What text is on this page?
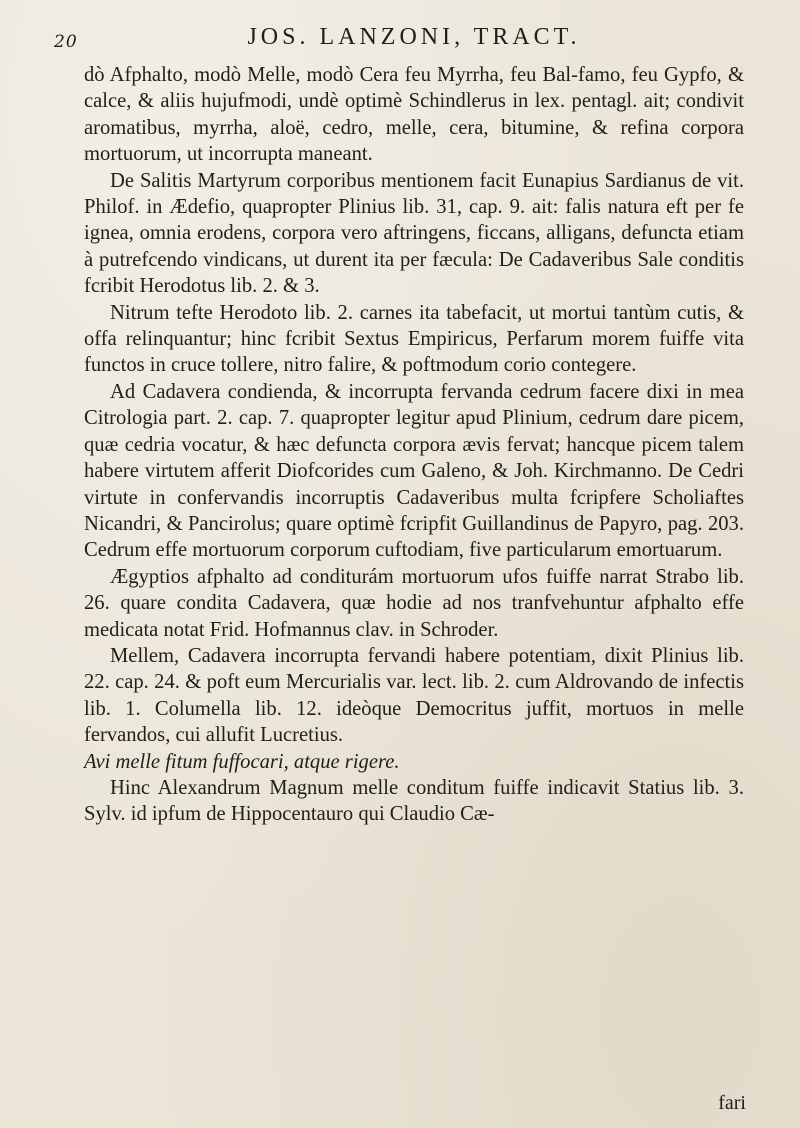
20	JOS. LANZONI, TRACT.

dò Afphalto, modò Melle, modò Cera feu Myrrha, feu Bal-famo, feu Gypfo, & calce, & aliis hujufmodi, undè optimè Schindlerus in lex. pentagl. ait; condivit aromatibus, myrrha, aloë, cedro, melle, cera, bitumine, & refina corpora mortuorum, ut incorrupta maneant.

De Salitis Martyrum corporibus mentionem facit Eunapius Sardianus de vit. Philof. in Ædefio, quapropter Plinius lib. 31, cap. 9. ait: falis natura eft per fe ignea, omnia erodens, corpora vero aftringens, ficcans, alligans, defuncta etiam à putrefcendo vindicans, ut durent ita per fæcula: De Cadaveribus Sale conditis fcribit Herodotus lib. 2. & 3.

Nitrum tefte Herodoto lib. 2. carnes ita tabefacit, ut mortui tantùm cutis, & offa relinquantur; hinc fcribit Sextus Empiricus, Perfarum morem fuiffe vita functos in cruce tollere, nitro falire, & poftmodum corio contegere.

Ad Cadavera condienda, & incorrupta fervanda cedrum facere dixi in mea Citrologia part. 2. cap. 7. quapropter legitur apud Plinium, cedrum dare picem, quæ cedria vocatur, & hæc defuncta corpora ævis fervat; hancque picem talem habere virtutem afferit Diofcorides cum Galeno, & Joh. Kirchmanno. De Cedri virtute in confervandis incorruptis Cadaveribus multa fcripfere Scholiaftes Nicandri, & Pancirolus; quare optimè fcripfit Guillandinus de Papyro, pag. 203. Cedrum effe mortuorum corporum cuftodiam, five particularum emortuarum.

Ægyptios afphalto ad conditurám mortuorum ufos fuiffe narrat Strabo lib. 26. quare condita Cadavera, quæ hodie ad nos tranfvehuntur afphalto effe medicata notat Frid. Hofmannus clav. in Schroder.

Mellem, Cadavera incorrupta fervandi habere potentiam, dixit Plinius lib. 22. cap. 24. & poft eum Mercurialis var. lect. lib. 2. cum Aldrovando de infectis lib. 1. Columella lib. 12. ideòque Democritus juffit, mortuos in melle fervandos, cui allufit Lucretius.

Avi melle fitum fuffocari, atque rigere.

Hinc Alexandrum Magnum melle conditum fuiffe indicavit Statius lib. 3. Sylv. id ipfum de Hippocentauro qui Claudio Cæ-

fari
